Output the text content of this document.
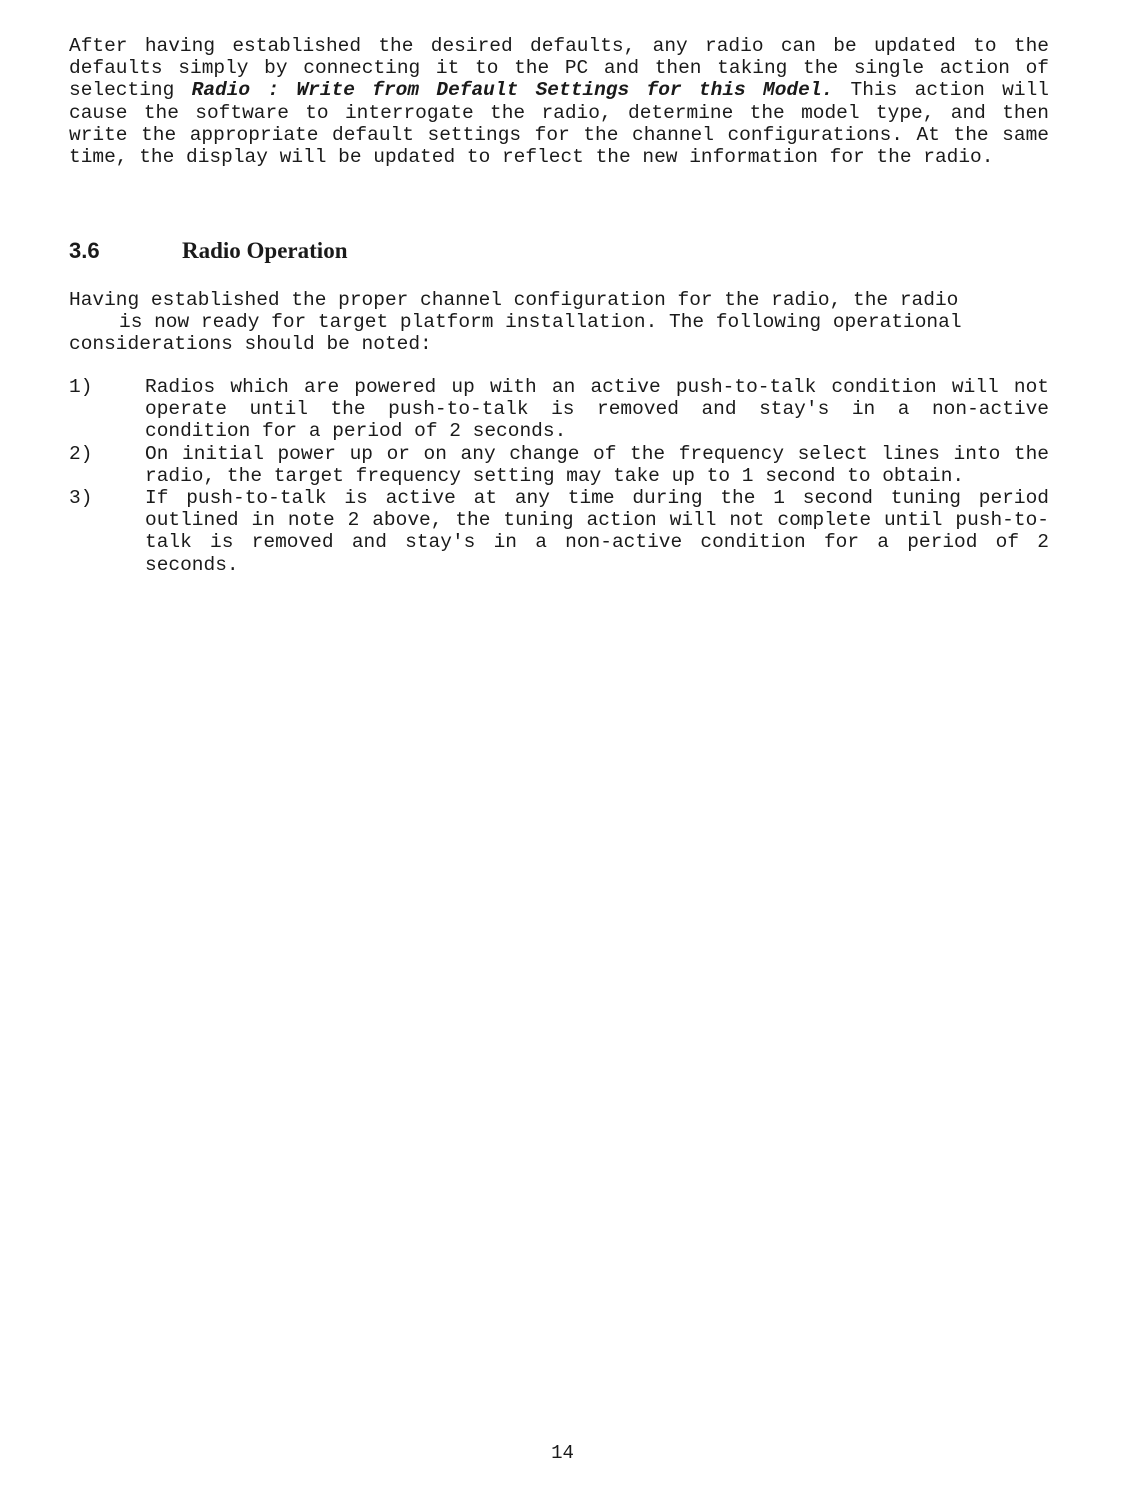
After having established the desired defaults, any radio can be updated to the defaults simply by connecting it to the PC and then taking the single action of selecting Radio : Write from Default Settings for this Model. This action will cause the software to interrogate the radio, determine the model type, and then write the appropriate default settings for the channel configurations. At the same time, the display will be updated to reflect the new information for the radio.

3.6	Radio Operation
Having established the proper channel configuration for the radio, the radio
is now ready for target platform installation. The following operational
considerations should be noted:
1)	Radios which are powered up with an active push-to-talk condition will not operate until the push-to-talk is removed and stay's in a non-active condition for a period of 2 seconds.
2)	On initial power up or on any change of the frequency select lines into the radio, the target frequency setting may take up to 1 second to obtain.
3)	If push-to-talk is active at any time during the 1 second tuning period outlined in note 2 above, the tuning action will not complete until push-to-talk is removed and stay's in a non-active condition for a period of 2 seconds.
14
